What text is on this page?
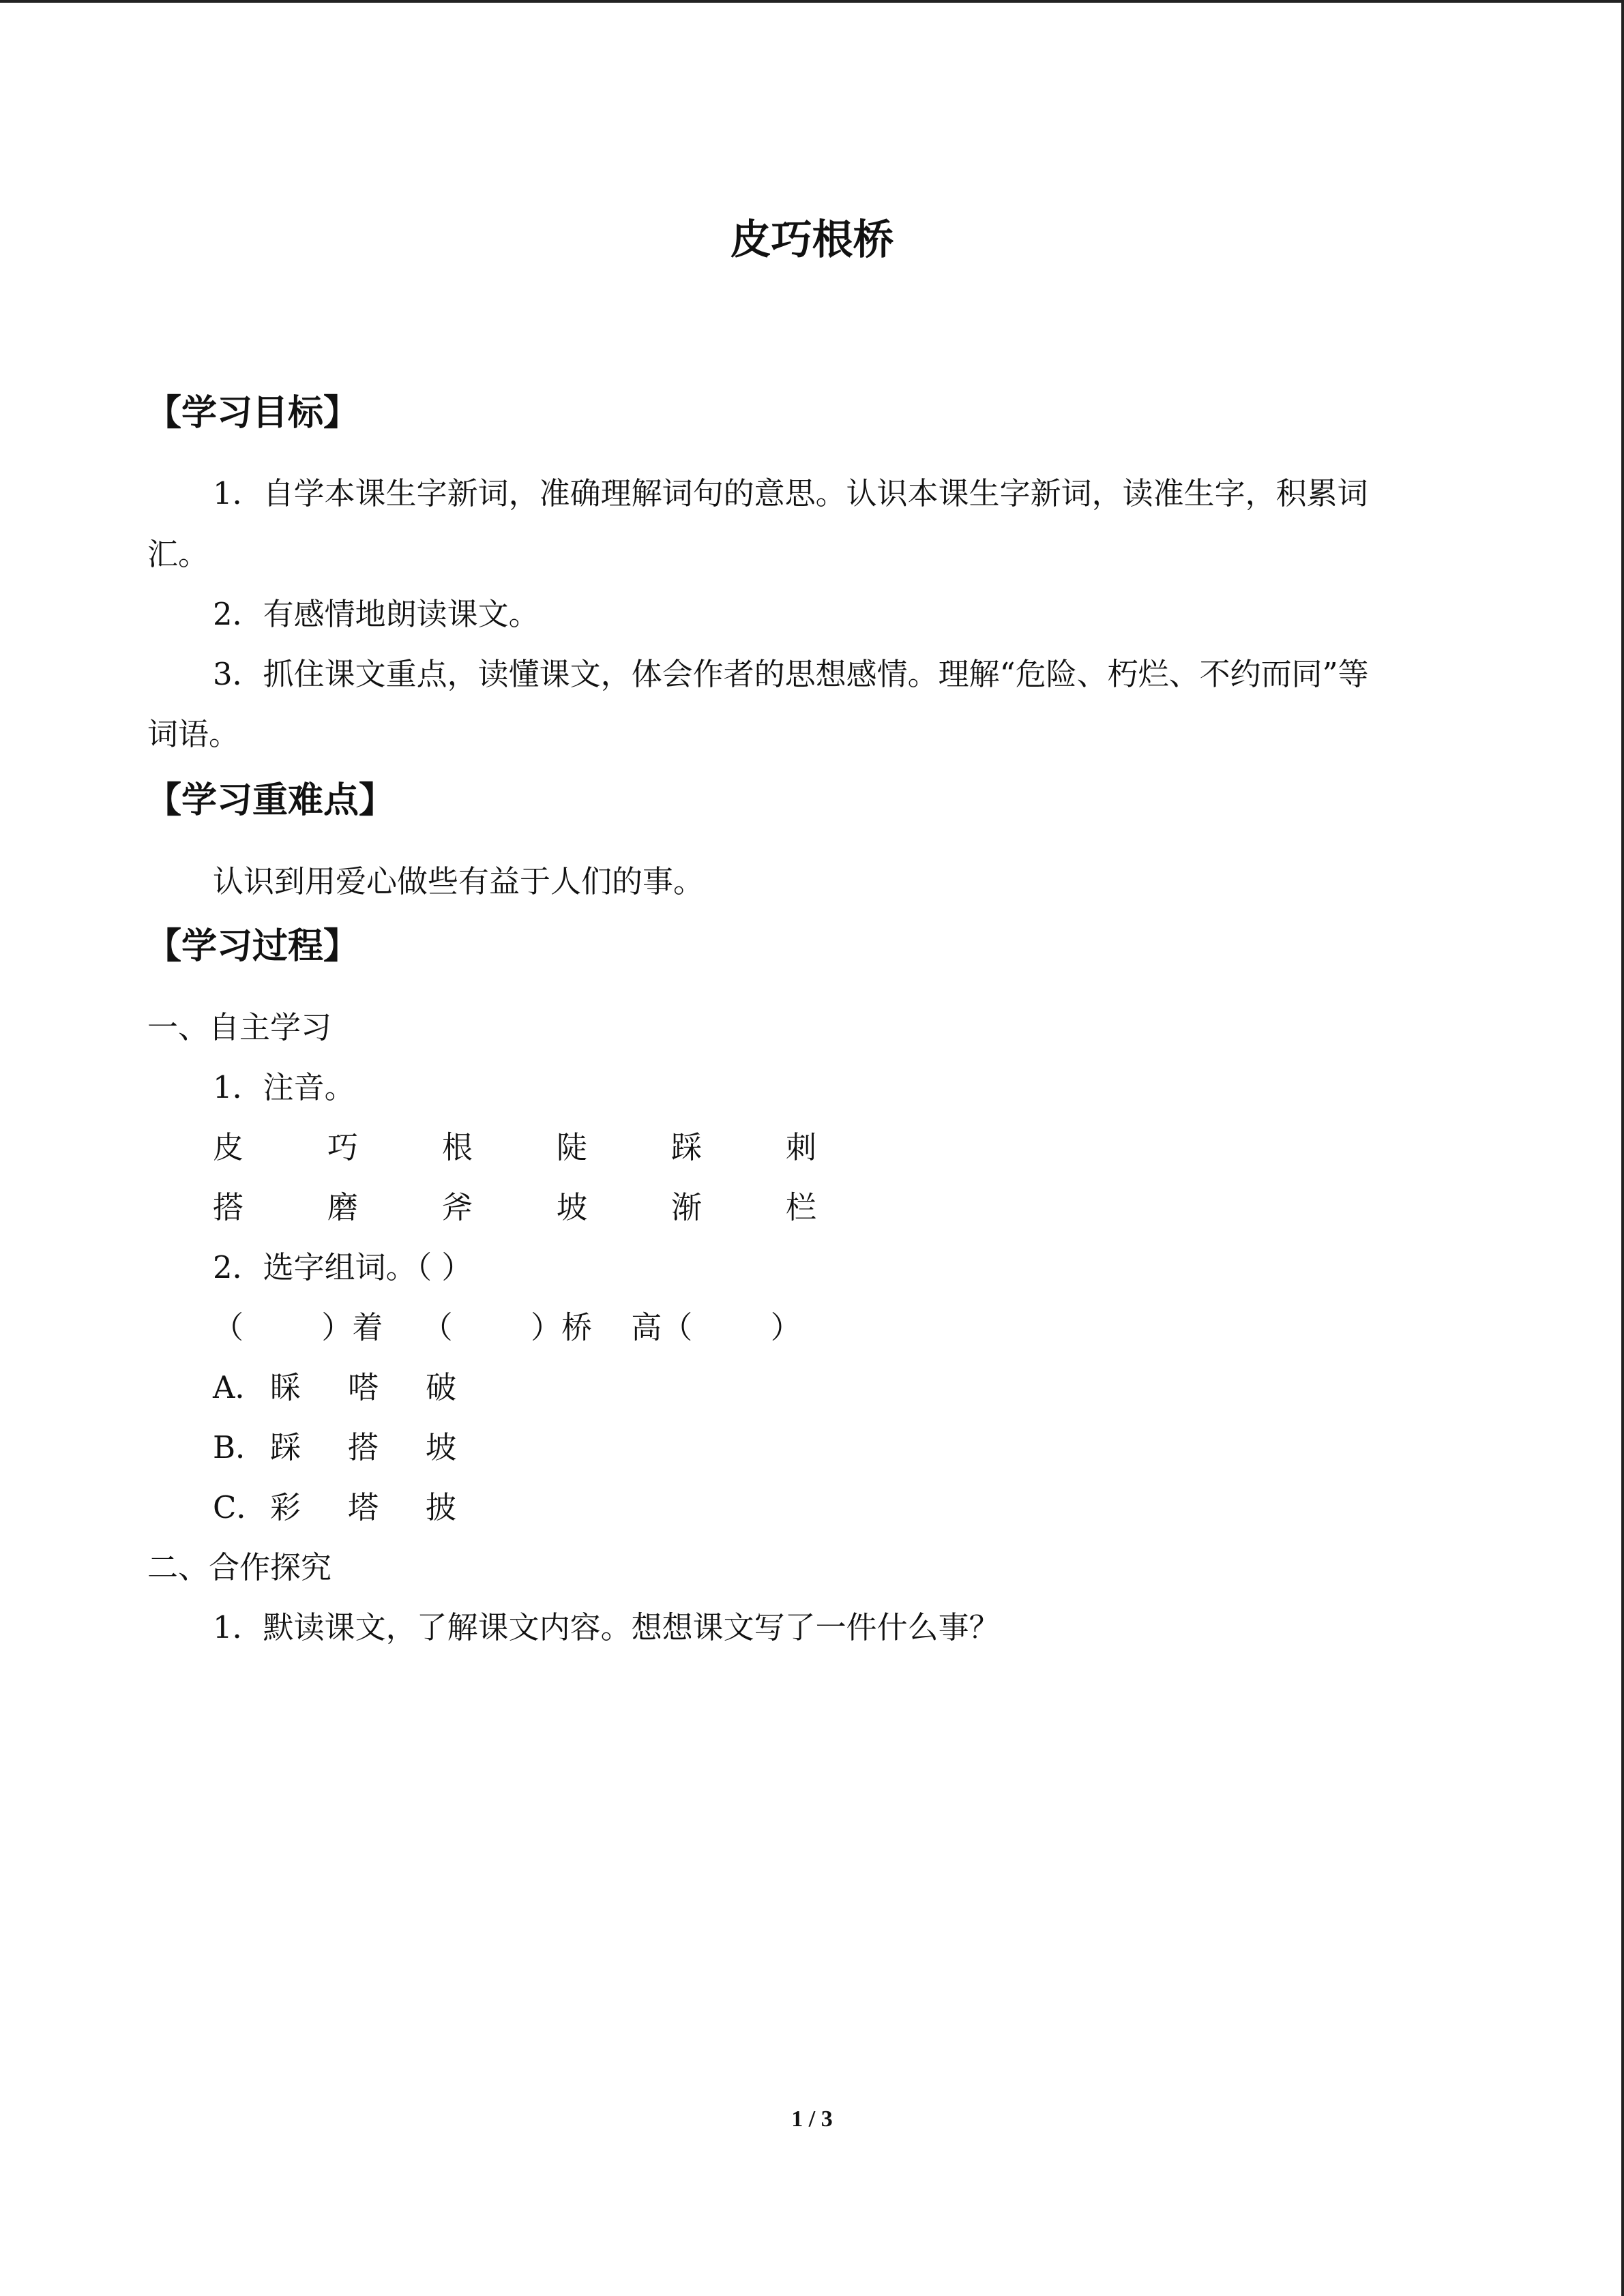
皮巧根桥
【学习目标】
1．自学本课生字新词，准确理解词句的意思。认识本课生字新词，读准生字，积累词
汇。
2．有感情地朗读课文。
3．抓住课文重点，读懂课文，体会作者的思想感情。理解“危险、朽烂、不约而同”等
词语。
【学习重难点】
认识到用爱心做些有益于人们的事。
【学习过程】
一、自主学习
1．注音。
皮	巧	根	陡	踩	刺
搭	磨	斧	坡	渐	栏
2．选字组词。（ ）
（        ）着    （        ）桥    高（        ）
A． 睬 嗒 破
B． 踩 搭 坡
C． 彩 塔 披
二、合作探究
1．默读课文，了解课文内容。想想课文写了一件什么事？
1 / 3
